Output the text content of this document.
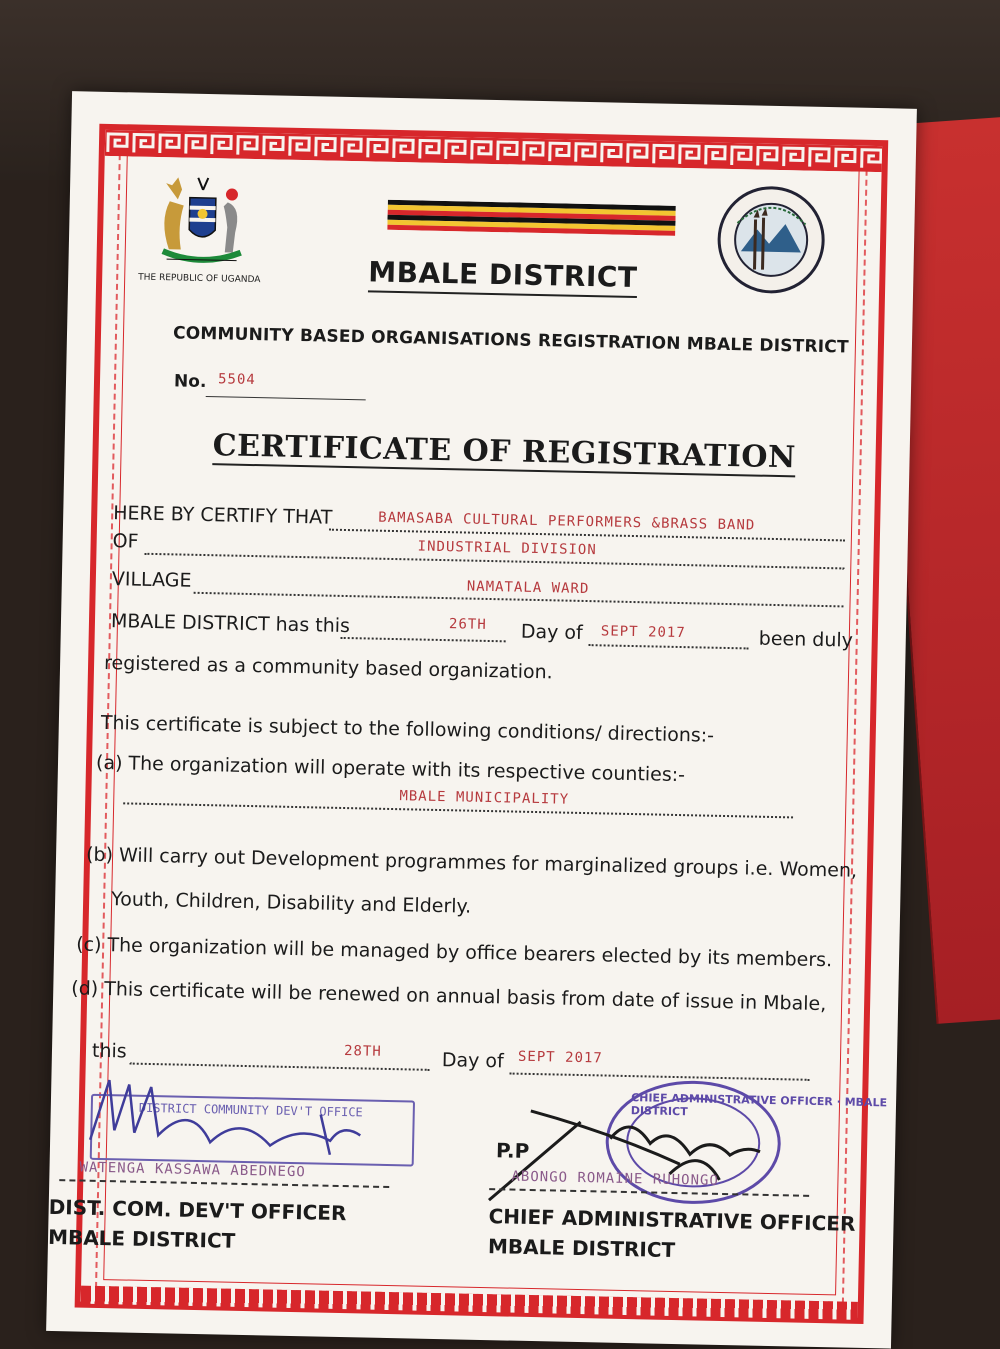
THE REPUBLIC OF UGANDA	MBALE DISTRICT
COMMUNITY BASED ORGANISATIONS REGISTRATION MBALE DISTRICT
No. 5504
CERTIFICATE OF REGISTRATION
HERE BY CERTIFY THAT	BAMASABA CULTURAL PERFORMERS &BRASS BAND
OF	INDUSTRIAL DIVISION
VILLAGE	NAMATALA WARD
MBALE DISTRICT has this	26TH Day of SEPT 2017	been duly
registered as a community based organization.
This certificate is subject to the following conditions/ directions:-
(a) The organization will operate with its respective counties:-
MBALE MUNICIPALITY
(b) Will carry out Development programmes for marginalized groups i.e. Women,
Youth, Children, Disability and Elderly.
(c) The organization will be managed by office bearers elected by its members.
(d) This certificate will be renewed on annual basis from date of issue in Mbale,
this	28TH	Day of SEPT 2017
DISTRICT COMMUNITY DEV'T OFFICE
WATENGA KASSAWA ABEDNEGO
DIST. COM. DEV'T OFFICER
MBALE DISTRICT
CHIEF ADMINISTRATIVE OFFICER · MBALE DISTRICT
P.P
ABONGO ROMAINE RUHONGO
CHIEF ADMINISTRATIVE OFFICER
MBALE DISTRICT
